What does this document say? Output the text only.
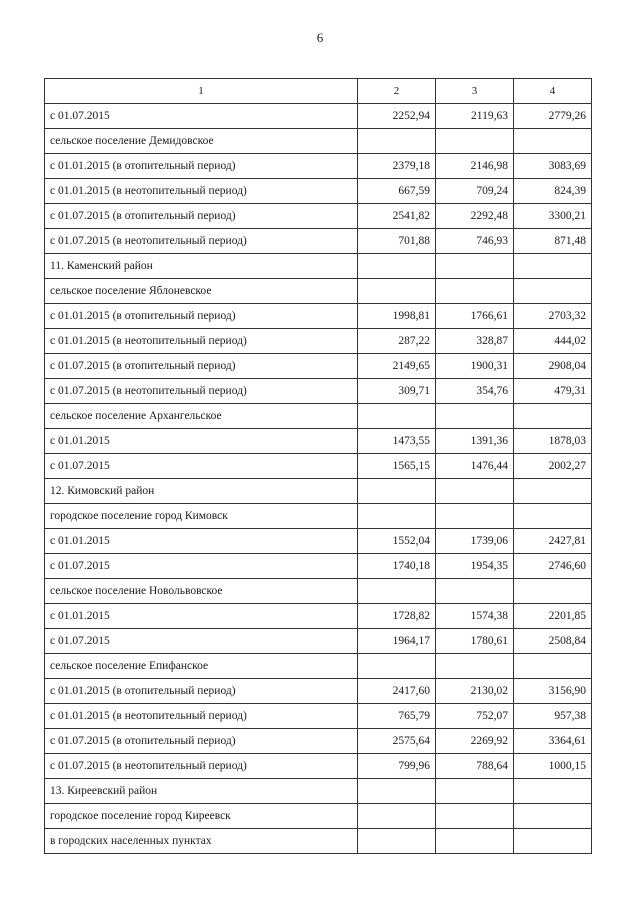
6
1	2	3	4
с 01.07.2015	2252,94	2119,63	2779,26
сельское поселение Демидовское			
с 01.01.2015 (в отопительный период)	2379,18	2146,98	3083,69
с 01.01.2015 (в неотопительный период)	667,59	709,24	824,39
с 01.07.2015 (в отопительный период)	2541,82	2292,48	3300,21
с 01.07.2015 (в неотопительный период)	701,88	746,93	871,48
11. Каменский район			
сельское поселение Яблоневское			
с 01.01.2015 (в отопительный период)	1998,81	1766,61	2703,32
с 01.01.2015 (в неотопительный период)	287,22	328,87	444,02
с 01.07.2015 (в отопительный период)	2149,65	1900,31	2908,04
с 01.07.2015 (в неотопительный период)	309,71	354,76	479,31
сельское поселение Архангельское			
с 01.01.2015	1473,55	1391,36	1878,03
с 01.07.2015	1565,15	1476,44	2002,27
12. Кимовский район			
городское поселение город Кимовск			
с 01.01.2015	1552,04	1739,06	2427,81
с 01.07.2015	1740,18	1954,35	2746,60
сельское поселение Новольвовское			
с 01.01.2015	1728,82	1574,38	2201,85
с 01.07.2015	1964,17	1780,61	2508,84
сельское поселение Епифанское			
с 01.01.2015 (в отопительный период)	2417,60	2130,02	3156,90
с 01.01.2015 (в неотопительный период)	765,79	752,07	957,38
с 01.07.2015 (в отопительный период)	2575,64	2269,92	3364,61
с 01.07.2015 (в неотопительный период)	799,96	788,64	1000,15
13. Киреевский район			
городское поселение город Киреевск			
в городских населенных пунктах			
